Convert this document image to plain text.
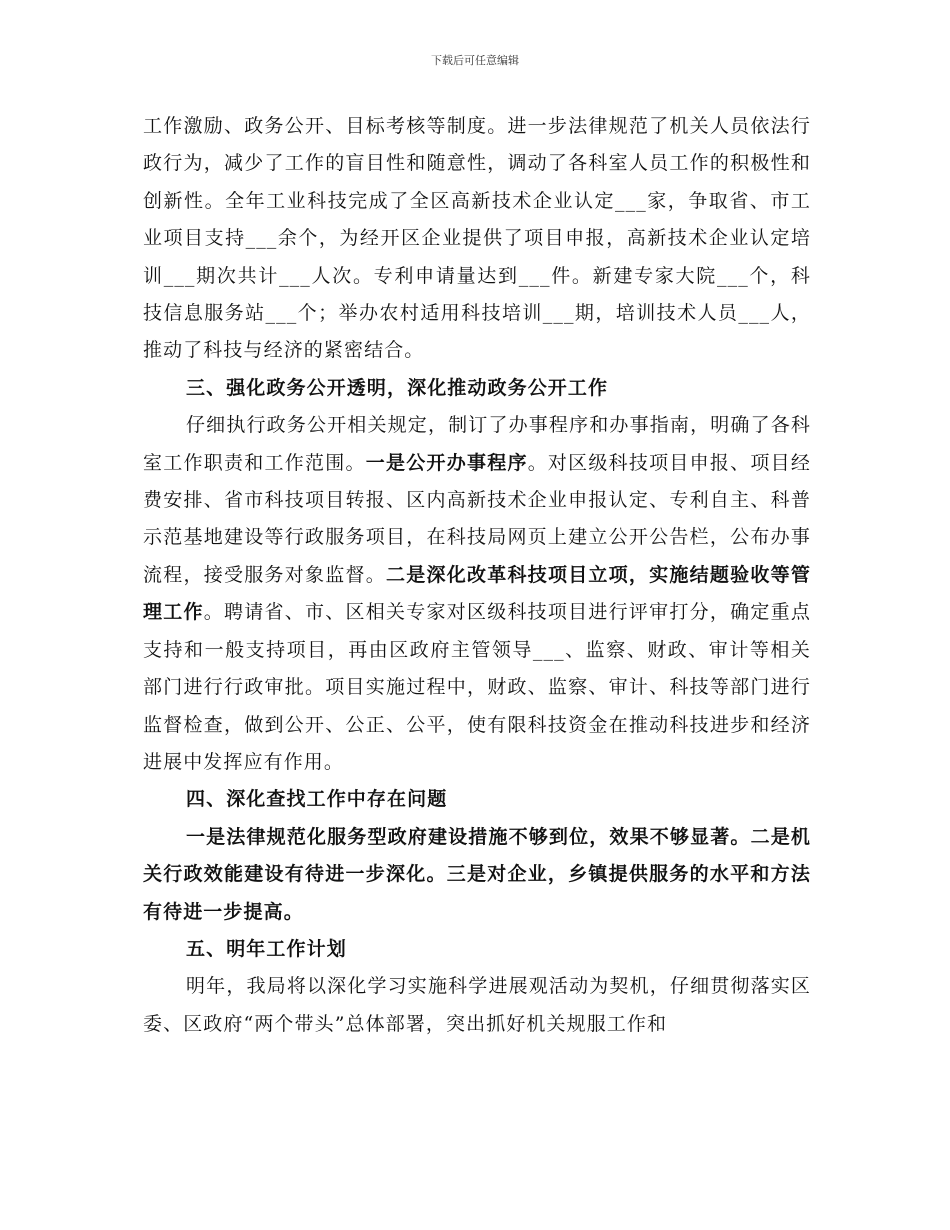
下载后可任意编辑

工作激励、政务公开、目标考核等制度。进一步法律规范了机关人员依法行政行为，减少了工作的盲目性和随意性，调动了各科室人员工作的积极性和创新性。全年工业科技完成了全区高新技术企业认定___家，争取省、市工业项目支持___余个，为经开区企业提供了项目申报，高新技术企业认定培训___期次共计___人次。专利申请量达到___件。新建专家大院___个，科技信息服务站___个；举办农村适用科技培训___期，培训技术人员___人，推动了科技与经济的紧密结合。

三、强化政务公开透明，深化推动政务公开工作

仔细执行政务公开相关规定，制订了办事程序和办事指南，明确了各科室工作职责和工作范围。一是公开办事程序。对区级科技项目申报、项目经费安排、省市科技项目转报、区内高新技术企业申报认定、专利自主、科普示范基地建设等行政服务项目，在科技局网页上建立公开公告栏，公布办事流程，接受服务对象监督。二是深化改革科技项目立项，实施结题验收等管理工作。聘请省、市、区相关专家对区级科技项目进行评审打分，确定重点支持和一般支持项目，再由区政府主管领导___、监察、财政、审计等相关部门进行行政审批。项目实施过程中，财政、监察、审计、科技等部门进行监督检查，做到公开、公正、公平，使有限科技资金在推动科技进步和经济进展中发挥应有作用。

四、深化查找工作中存在问题

一是法律规范化服务型政府建设措施不够到位，效果不够显著。二是机关行政效能建设有待进一步深化。三是对企业，乡镇提供服务的水平和方法有待进一步提高。

五、明年工作计划

明年，我局将以深化学习实施科学进展观活动为契机，仔细贯彻落实区委、区政府“两个带头”总体部署，突出抓好机关规服工作和
